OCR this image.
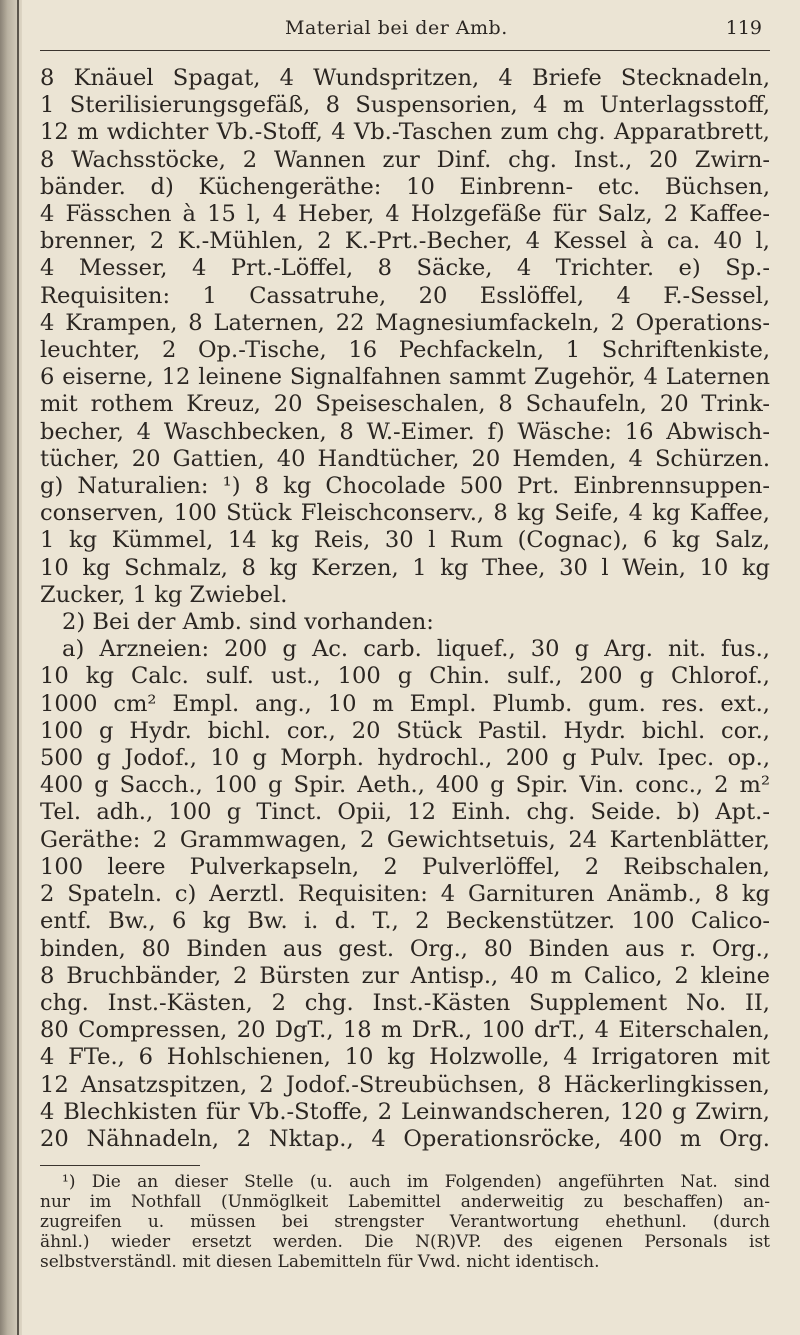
Material bei der Amb.	119
8 Knäuel Spagat, 4 Wundspritzen, 4 Briefe Stecknadeln,
1 Sterilisierungsgefäß, 8 Suspensorien, 4 m Unterlagsstoff,
12 m wdichter Vb.-Stoff, 4 Vb.-Taschen zum chg. Apparatbrett,
8 Wachsstöcke, 2 Wannen zur Dinf. chg. Inst., 20 Zwirn-
bänder. d) Küchengeräthe: 10 Einbrenn- etc. Büchsen,
4 Fässchen à 15 l, 4 Heber, 4 Holzgefäße für Salz, 2 Kaffee-
brenner, 2 K.-Mühlen, 2 K.-Prt.-Becher, 4 Kessel à ca. 40 l,
4 Messer, 4 Prt.-Löffel, 8 Säcke, 4 Trichter. e) Sp.-
Requisiten: 1 Cassatruhe, 20 Esslöffel, 4 F.-Sessel,
4 Krampen, 8 Laternen, 22 Magnesiumfackeln, 2 Operations-
leuchter, 2 Op.-Tische, 16 Pechfackeln, 1 Schriftenkiste,
6 eiserne, 12 leinene Signalfahnen sammt Zugehör, 4 Laternen
mit rothem Kreuz, 20 Speiseschalen, 8 Schaufeln, 20 Trink-
becher, 4 Waschbecken, 8 W.-Eimer. f) Wäsche: 16 Abwisch-
tücher, 20 Gattien, 40 Handtücher, 20 Hemden, 4 Schürzen.
g) Naturalien: ¹) 8 kg Chocolade 500 Prt. Einbrennsuppen-
conserven, 100 Stück Fleischconserv., 8 kg Seife, 4 kg Kaffee,
1 kg Kümmel, 14 kg Reis, 30 l Rum (Cognac), 6 kg Salz,
10 kg Schmalz, 8 kg Kerzen, 1 kg Thee, 30 l Wein, 10 kg
Zucker, 1 kg Zwiebel.
2) Bei der Amb. sind vorhanden:
a) Arzneien: 200 g Ac. carb. liquef., 30 g Arg. nit. fus.,
10 kg Calc. sulf. ust., 100 g Chin. sulf., 200 g Chlorof.,
1000 cm² Empl. ang., 10 m Empl. Plumb. gum. res. ext.,
100 g Hydr. bichl. cor., 20 Stück Pastil. Hydr. bichl. cor.,
500 g Jodof., 10 g Morph. hydrochl., 200 g Pulv. Ipec. op.,
400 g Sacch., 100 g Spir. Aeth., 400 g Spir. Vin. conc., 2 m²
Tel. adh., 100 g Tinct. Opii, 12 Einh. chg. Seide. b) Apt.-
Geräthe: 2 Grammwagen, 2 Gewichtsetuis, 24 Kartenblätter,
100 leere Pulverkapseln, 2 Pulverlöffel, 2 Reibschalen,
2 Spateln. c) Aerztl. Requisiten: 4 Garnituren Anämb., 8 kg
entf. Bw., 6 kg Bw. i. d. T., 2 Beckenstützer. 100 Calico-
binden, 80 Binden aus gest. Org., 80 Binden aus r. Org.,
8 Bruchbänder, 2 Bürsten zur Antisp., 40 m Calico, 2 kleine
chg. Inst.-Kästen, 2 chg. Inst.-Kästen Supplement No. II,
80 Compressen, 20 DgT., 18 m DrR., 100 drT., 4 Eiterschalen,
4 FTe., 6 Hohlschienen, 10 kg Holzwolle, 4 Irrigatoren mit
12 Ansatzspitzen, 2 Jodof.-Streubüchsen, 8 Häckerlingkissen,
4 Blechkisten für Vb.-Stoffe, 2 Leinwandscheren, 120 g Zwirn,
20 Nähnadeln, 2 Nktap., 4 Operationsröcke, 400 m Org.
¹) Die an dieser Stelle (u. auch im Folgenden) angeführten Nat. sind
nur im Nothfall (Unmöglkeit Labemittel anderweitig zu beschaffen) an-
zugreifen u. müssen bei strengster Verantwortung ehethunl. (durch
ähnl.) wieder ersetzt werden. Die N(R)VP. des eigenen Personals ist
selbstverständl. mit diesen Labemitteln für Vwd. nicht identisch.
